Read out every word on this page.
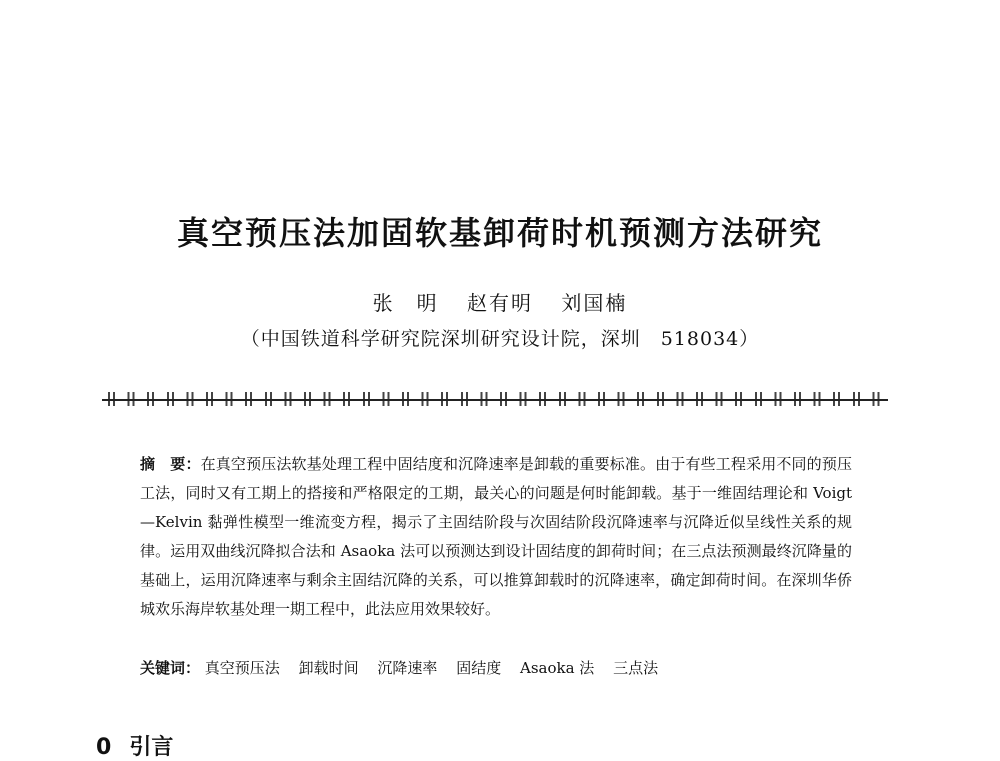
真空预压法加固软基卸荷时机预测方法研究
张　明 赵有明 刘国楠
（中国铁道科学研究院深圳研究设计院，深圳　518034）
摘　要：在真空预压法软基处理工程中固结度和沉降速率是卸载的重要标准。由于有些工程采用不同的预压工法，同时又有工期上的搭接和严格限定的工期，最关心的问题是何时能卸载。基于一维固结理论和 Voigt—Kelvin 黏弹性模型一维流变方程，揭示了主固结阶段与次固结阶段沉降速率与沉降近似呈线性关系的规律。运用双曲线沉降拟合法和 Asaoka 法可以预测达到设计固结度的卸荷时间；在三点法预测最终沉降量的基础上，运用沉降速率与剩余主固结沉降的关系，可以推算卸载时的沉降速率，确定卸荷时间。在深圳华侨城欢乐海岸软基处理一期工程中，此法应用效果较好。
关键词： 真空预压法 卸载时间 沉降速率 固结度 Asaoka 法 三点法
0 引言
